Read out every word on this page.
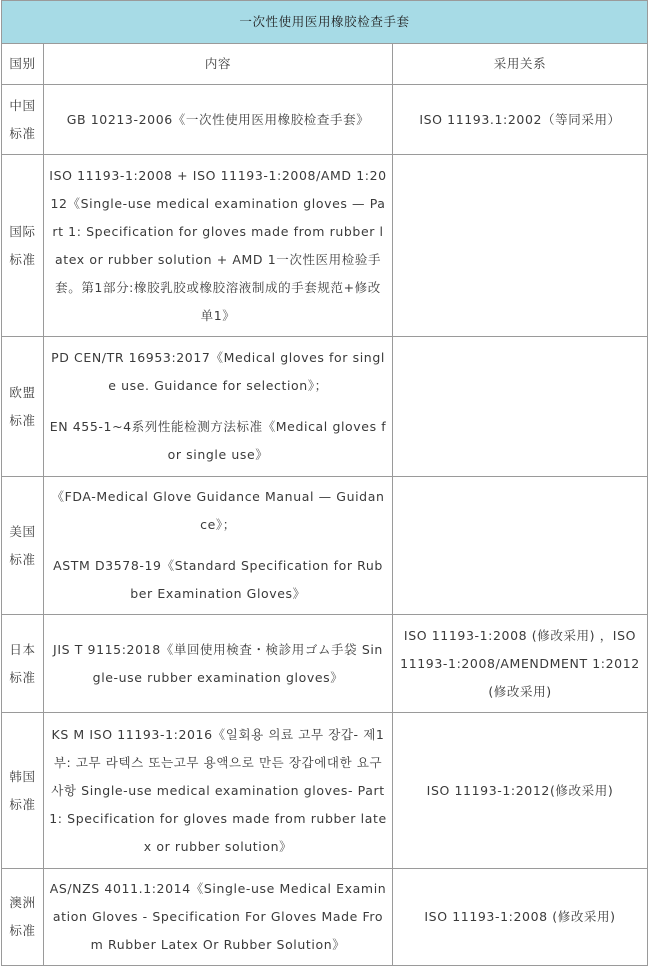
一次性使用医用橡胶检查手套		
国别	内容	采用关系
中国标准	GB 10213-2006《一次性使用医用橡胶检查手套》	ISO 11193.1:2002（等同采用）
国际标准	ISO 11193-1:2008 + ISO 11193-1:2008/AMD 1:2012《Single-use medical examination gloves — Part 1: Specification for gloves made from rubber latex or rubber solution + AMD 1一次性医用检验手套。第1部分:橡胶乳胶或橡胶溶液制成的手套规范+修改单1》	

欧盟标准	PD CEN/TR 16953:2017《Medical gloves for single use. Guidance for selection》；
EN 455-1~4系列性能检测方法标准《Medical gloves for single use》	

美国标准	《FDA-Medical Glove Guidance Manual — Guidance》；
ASTM D3578-19《Standard Specification for Rubber Examination Gloves》	

日本标准	JIS T 9115:2018《単回使用検査・検診用ゴム手袋 Single-use rubber examination gloves》	ISO 11193-1:2008 (修改采用) ，ISO 11193-1:2008/AMENDMENT 1:2012 (修改采用)
韩国标准	KS M ISO 11193-1:2016《일회용 의료 고무 장갑- 제1부: 고무 라텍스 또는고무 용액으로 만든 장갑에대한 요구사항 Single-use medical examination gloves- Part 1: Specification for gloves made from rubber latex or rubber solution》	ISO 11193-1:2012(修改采用)
澳洲标准	AS/NZS 4011.1:2014《Single-use Medical Examination Gloves - Specification For Gloves Made From Rubber Latex Or Rubber Solution》	ISO 11193-1:2008 (修改采用)
